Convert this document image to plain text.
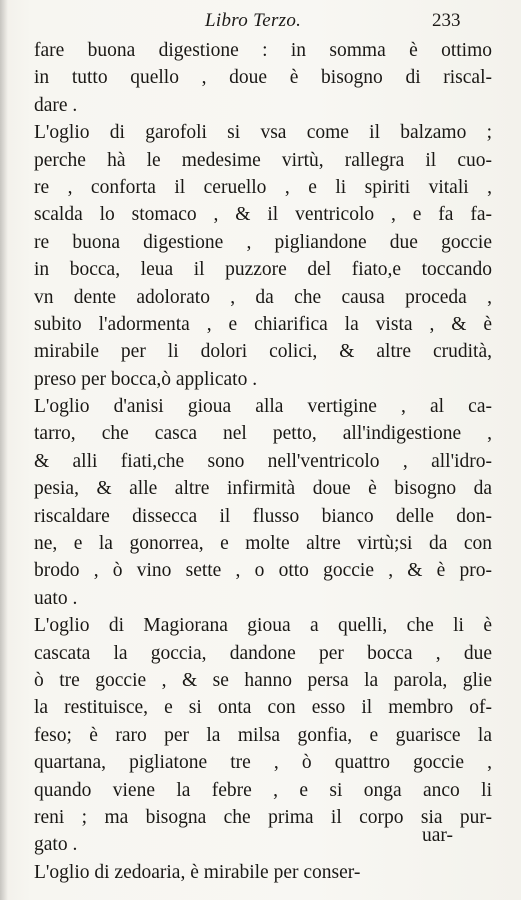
Libro Terzo.	233
fare buona digestione : in somma è ottimo
in tutto quello , doue è bisogno di riscal-
dare .
L'oglio di garofoli si vsa come il balzamo ;
perche hà le medesime virtù, rallegra il cuo-
re , conforta il ceruello , e li spiriti vitali ,
scalda lo stomaco , & il ventricolo , e fa fa-
re buona digestione , pigliandone due goccie
in bocca, leua il puzzore del fiato,e toccando
vn dente adolorato , da che causa proceda ,
subito l'adormenta , e chiarifica la vista , & è
mirabile per li dolori colici, & altre crudità,
preso per bocca,ò applicato .
L'oglio d'anisi gioua alla vertigine , al ca-
tarro, che casca nel petto, all'indigestione ,
& alli fiati,che sono nell'ventricolo , all'idro-
pesia, & alle altre infirmità doue è bisogno da
riscaldare dissecca il flusso bianco delle don-
ne, e la gonorrea, e molte altre virtù;si da con
brodo , ò vino sette , o otto goccie , & è pro-
uato .
L'oglio di Magiorana gioua a quelli, che li è
cascata la goccia, dandone per bocca , due
ò tre goccie , & se hanno persa la parola, glie
la restituisce, e si onta con esso il membro of-
feso; è raro per la milsa gonfia, e guarisce la
quartana, pigliatone tre , ò quattro goccie ,
quando viene la febre , e si onga anco li
reni ; ma bisogna che prima il corpo sia pur-
gato .
L'oglio di zedoaria, è mirabile per conser-
uar-
